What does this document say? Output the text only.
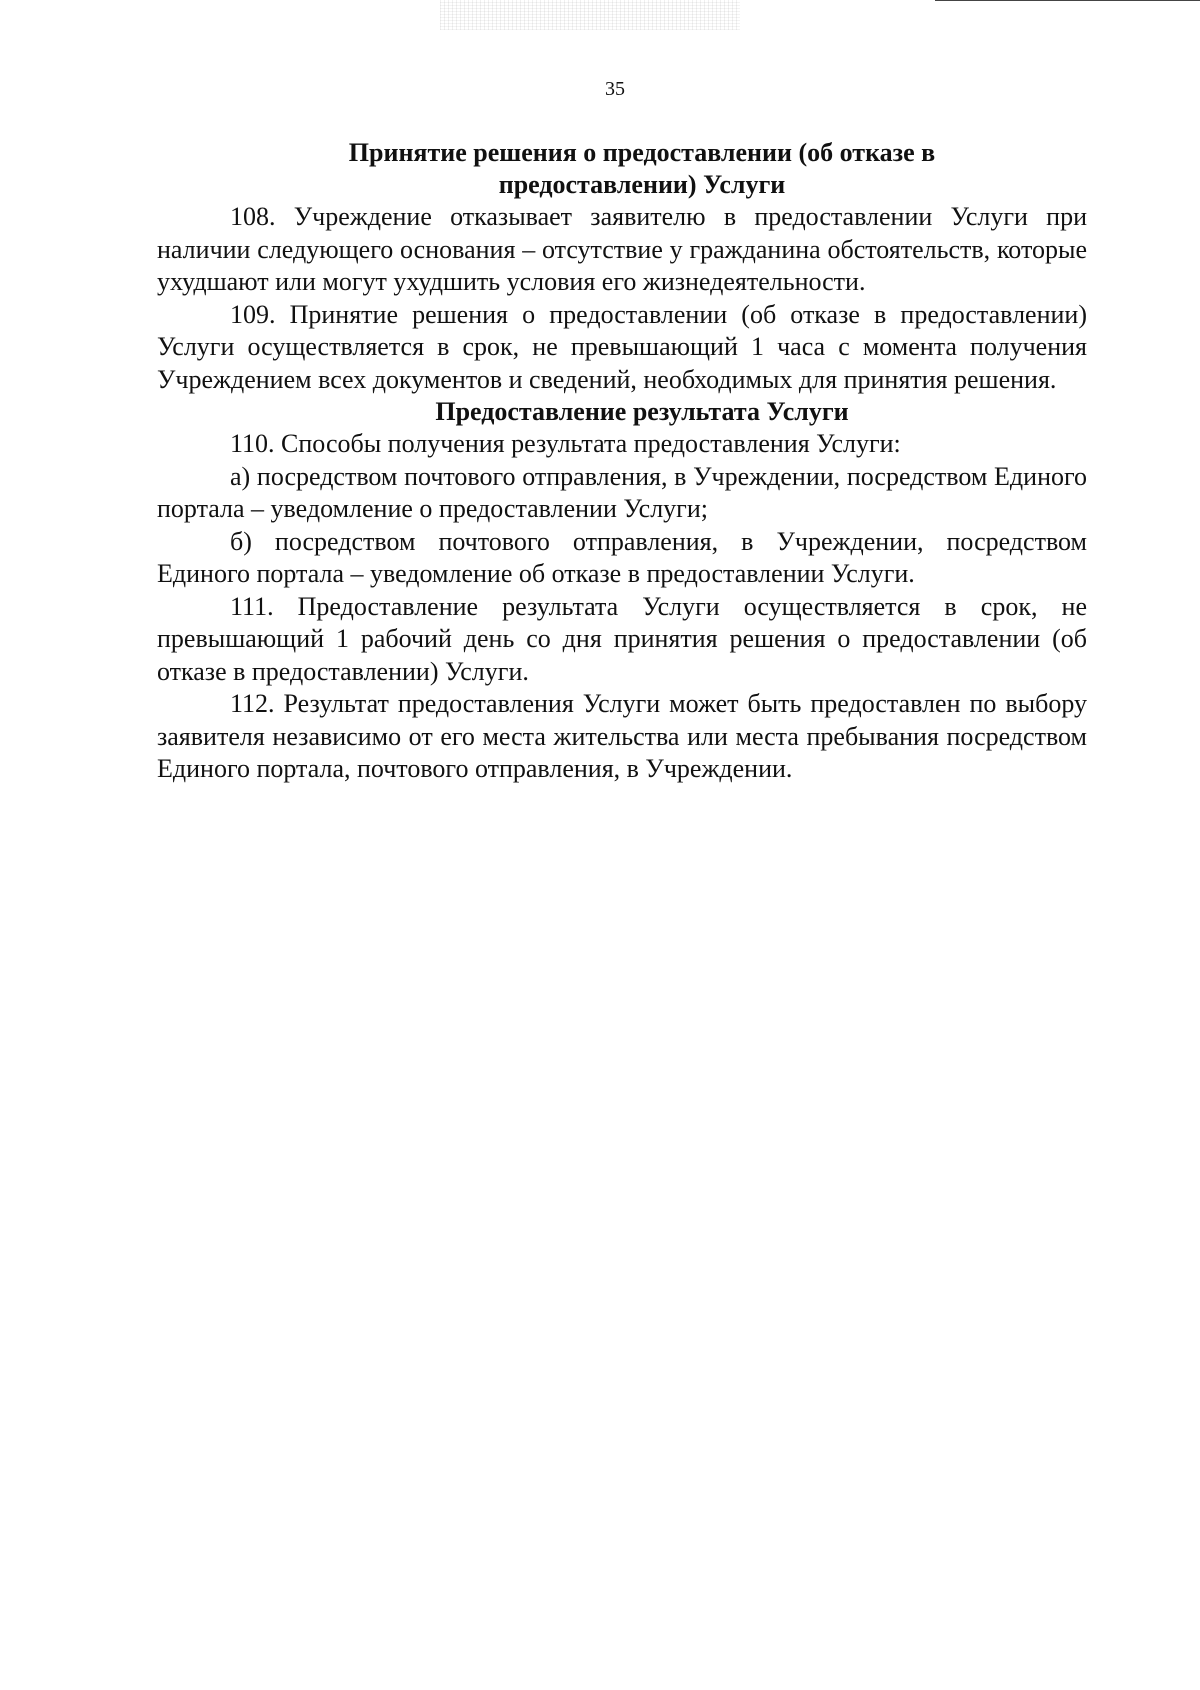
35
Принятие решения о предоставлении (об отказе в
предоставлении) Услуги

108. Учреждение отказывает заявителю в предоставлении Услуги при наличии следующего основания – отсутствие у гражданина обстоятельств, которые ухудшают или могут ухудшить условия его жизнедеятельности.

109. Принятие решения о предоставлении (об отказе в предоставлении) Услуги осуществляется в срок, не превышающий 1 часа с момента получения Учреждением всех документов и сведений, необходимых для принятия решения.

Предоставление результата Услуги

110. Способы получения результата предоставления Услуги:

а) посредством почтового отправления, в Учреждении, посредством Единого портала – уведомление о предоставлении Услуги;

б) посредством почтового отправления, в Учреждении, посредством Единого портала – уведомление об отказе в предоставлении Услуги.

111. Предоставление результата Услуги осуществляется в срок, не превышающий 1 рабочий день со дня принятия решения о предоставлении (об отказе в предоставлении) Услуги.

112. Результат предоставления Услуги может быть предоставлен по выбору заявителя независимо от его места жительства или места пребывания посредством Единого портала, почтового отправления, в Учреждении.
